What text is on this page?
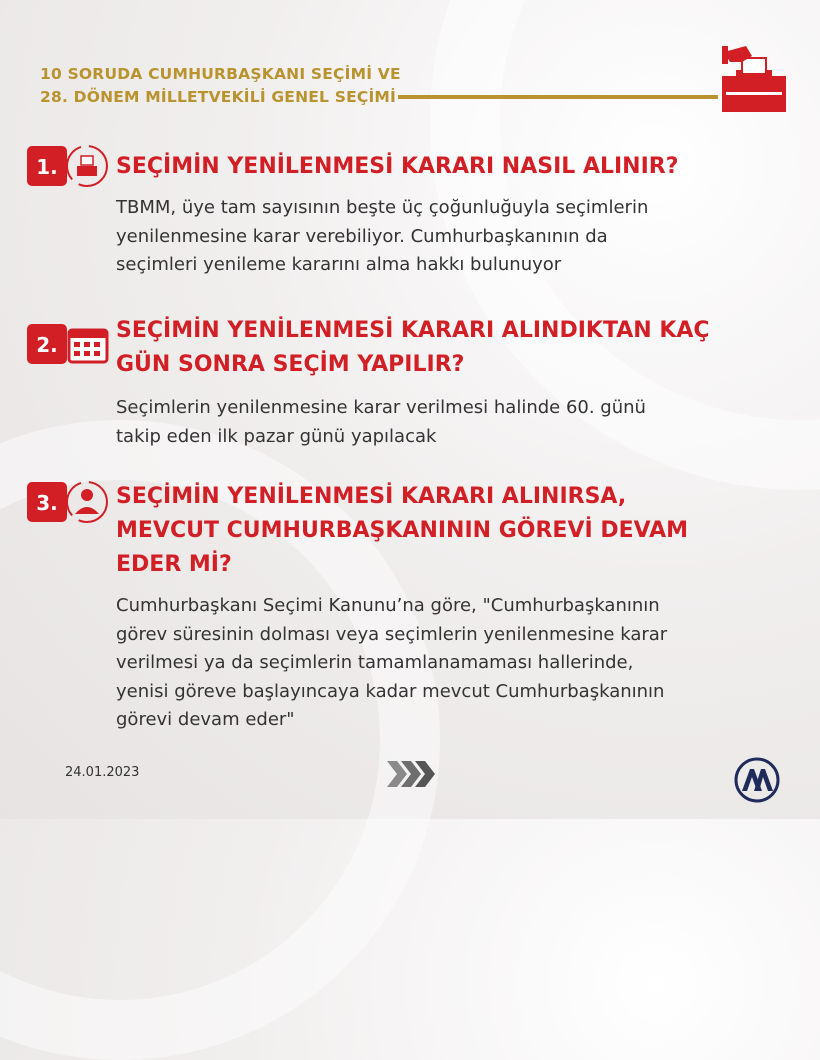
10 SORUDA CUMHURBAŞKANI SEÇİMİ VE
28. DÖNEM MİLLETVEKİLİ GENEL SEÇİMİ
1.	SEÇİMİN YENİLENMESİ KARARI NASIL ALINIR?
TBMM, üye tam sayısının beşte üç çoğunluğuyla seçimlerin
yenilenmesine karar verebiliyor. Cumhurbaşkanının da
seçimleri yenileme kararını alma hakkı bulunuyor
2.
SEÇİMİN YENİLENMESİ KARARI ALINDIKTAN KAÇ
GÜN SONRA SEÇİM YAPILIR?
Seçimlerin yenilenmesine karar verilmesi halinde 60. günü
takip eden ilk pazar günü yapılacak
3.	SEÇİMİN YENİLENMESİ KARARI ALINIRSA,
MEVCUT CUMHURBAŞKANININ GÖREVİ DEVAM
EDER Mİ?
Cumhurbaşkanı Seçimi Kanunu’na göre, "Cumhurbaşkanının
görev süresinin dolması veya seçimlerin yenilenmesine karar
verilmesi ya da seçimlerin tamamlanamaması hallerinde,
yenisi göreve başlayıncaya kadar mevcut Cumhurbaşkanının
görevi devam eder"
24.01.2023
